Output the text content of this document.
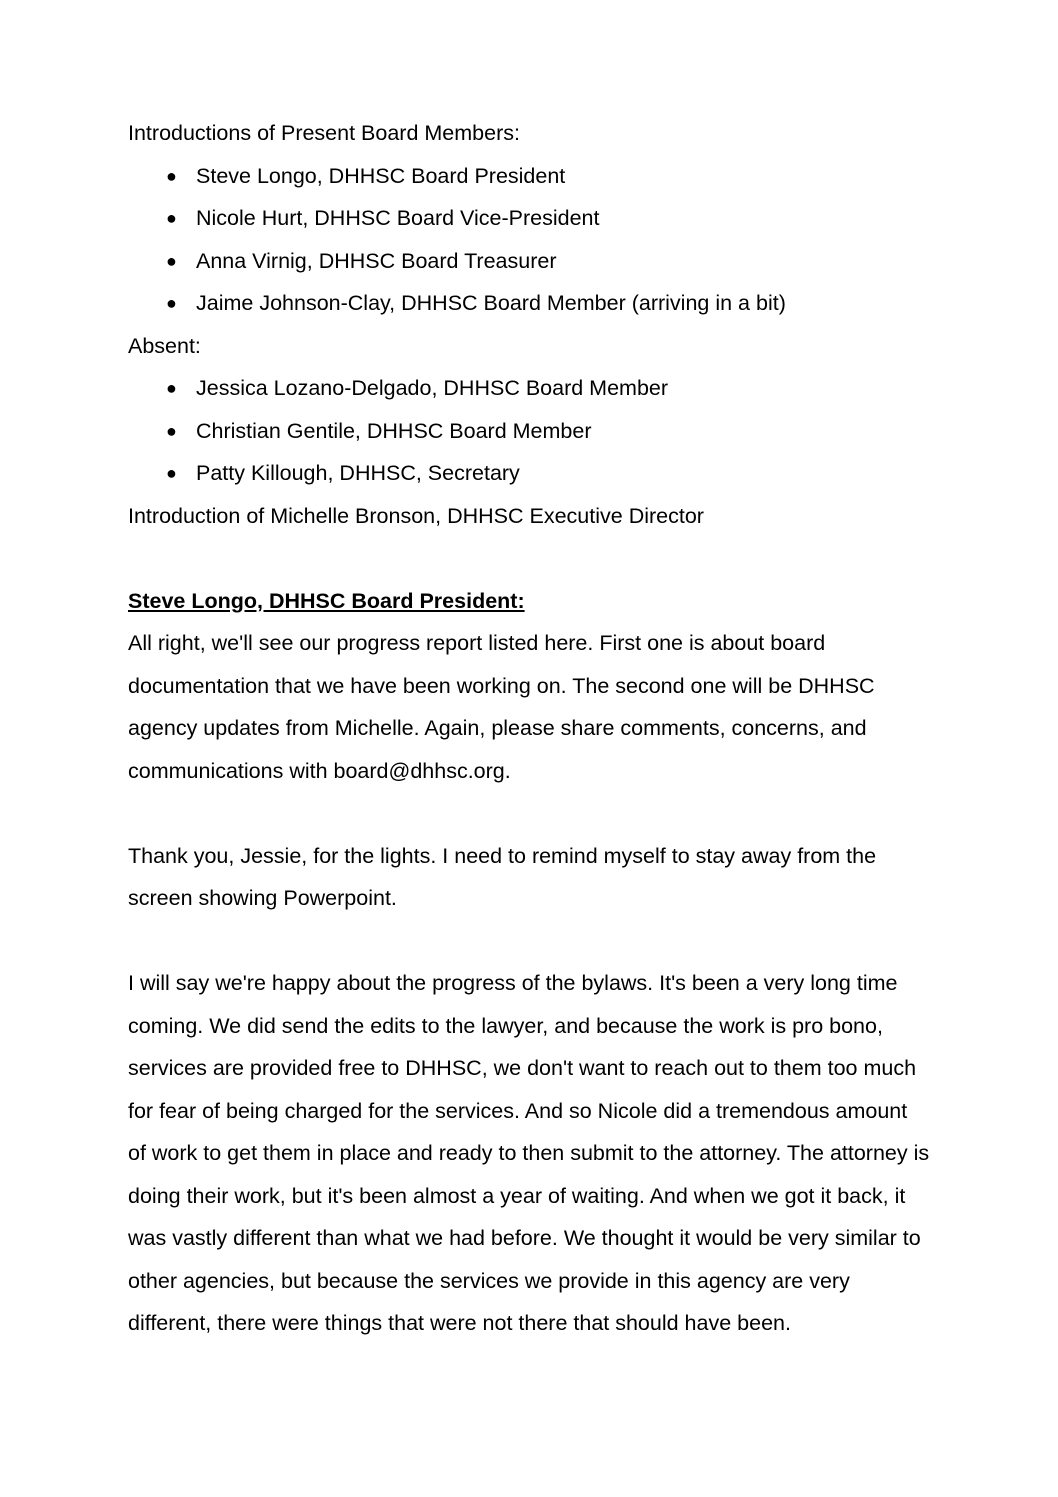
Introductions of Present Board Members:

● Steve Longo, DHHSC Board President
● Nicole Hurt, DHHSC Board Vice-President
● Anna Virnig, DHHSC Board Treasurer
● Jaime Johnson-Clay, DHHSC Board Member (arriving in a bit)

Absent:

● Jessica Lozano-Delgado, DHHSC Board Member
● Christian Gentile, DHHSC Board Member
● Patty Killough, DHHSC, Secretary

Introduction of Michelle Bronson, DHHSC Executive Director

Steve Longo, DHHSC Board President:

All right, we'll see our progress report listed here. First one is about board documentation that we have been working on. The second one will be DHHSC agency updates from Michelle. Again, please share comments, concerns, and communications with board@dhhsc.org.

Thank you, Jessie, for the lights. I need to remind myself to stay away from the screen showing Powerpoint.

I will say we're happy about the progress of the bylaws. It's been a very long time coming. We did send the edits to the lawyer, and because the work is pro bono, services are provided free to DHHSC, we don't want to reach out to them too much for fear of being charged for the services. And so Nicole did a tremendous amount of work to get them in place and ready to then submit to the attorney. The attorney is doing their work, but it's been almost a year of waiting. And when we got it back, it was vastly different than what we had before. We thought it would be very similar to other agencies, but because the services we provide in this agency are very different, there were things that were not there that should have been.
